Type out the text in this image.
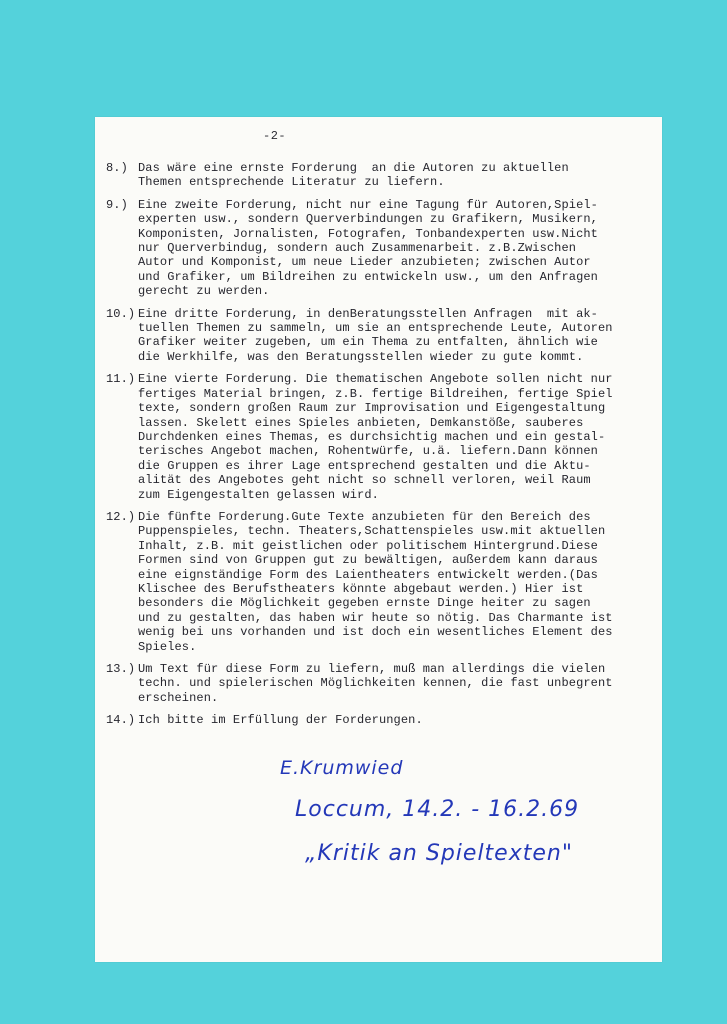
-2-
8.) Das wäre eine ernste Forderung  an die Autoren zu aktuellen
Themen entsprechende Literatur zu liefern.
9.) Eine zweite Forderung, nicht nur eine Tagung für Autoren,Spiel-
experten usw., sondern Querverbindungen zu Grafikern, Musikern,
Komponisten, Jornalisten, Fotografen, Tonbandexperten usw.Nicht
nur Querverbindug, sondern auch Zusammenarbeit. z.B.Zwischen
Autor und Komponist, um neue Lieder anzubieten; zwischen Autor
und Grafiker, um Bildreihen zu entwickeln usw., um den Anfragen
gerecht zu werden.
10.) Eine dritte Forderung, in denBeratungsstellen Anfragen  mit ak-
tuellen Themen zu sammeln, um sie an entsprechende Leute, Autoren
Grafiker weiter zugeben, um ein Thema zu entfalten, ähnlich wie
die Werkhilfe, was den Beratungsstellen wieder zu gute kommt.
11.) Eine vierte Forderung. Die thematischen Angebote sollen nicht nur
fertiges Material bringen, z.B. fertige Bildreihen, fertige Spiel
texte, sondern großen Raum zur Improvisation und Eigengestaltung
lassen. Skelett eines Spieles anbieten, Demkanstöße, sauberes
Durchdenken eines Themas, es durchsichtig machen und ein gestal-
terisches Angebot machen, Rohentwürfe, u.ä. liefern.Dann können
die Gruppen es ihrer Lage entsprechend gestalten und die Aktu-
alität des Angebotes geht nicht so schnell verloren, weil Raum
zum Eigengestalten gelassen wird.
12.) Die fünfte Forderung.Gute Texte anzubieten für den Bereich des
Puppenspieles, techn. Theaters,Schattenspieles usw.mit aktuellen
Inhalt, z.B. mit geistlichen oder politischem Hintergrund.Diese
Formen sind von Gruppen gut zu bewältigen, außerdem kann daraus
eine eignständige Form des Laientheaters entwickelt werden.(Das
Klischee des Berufstheaters könnte abgebaut werden.) Hier ist
besonders die Möglichkeit gegeben ernste Dinge heiter zu sagen
und zu gestalten, das haben wir heute so nötig. Das Charmante ist
wenig bei uns vorhanden und ist doch ein wesentliches Element des
Spieles.
13.) Um Text für diese Form zu liefern, muß man allerdings die vielen
techn. und spielerischen Möglichkeiten kennen, die fast unbegrent
erscheinen.
14.) Ich bitte im Erfüllung der Forderungen.
E.Krumwied
Loccum, 14.2. - 16.2.69
„Kritik an Spieltexten"
